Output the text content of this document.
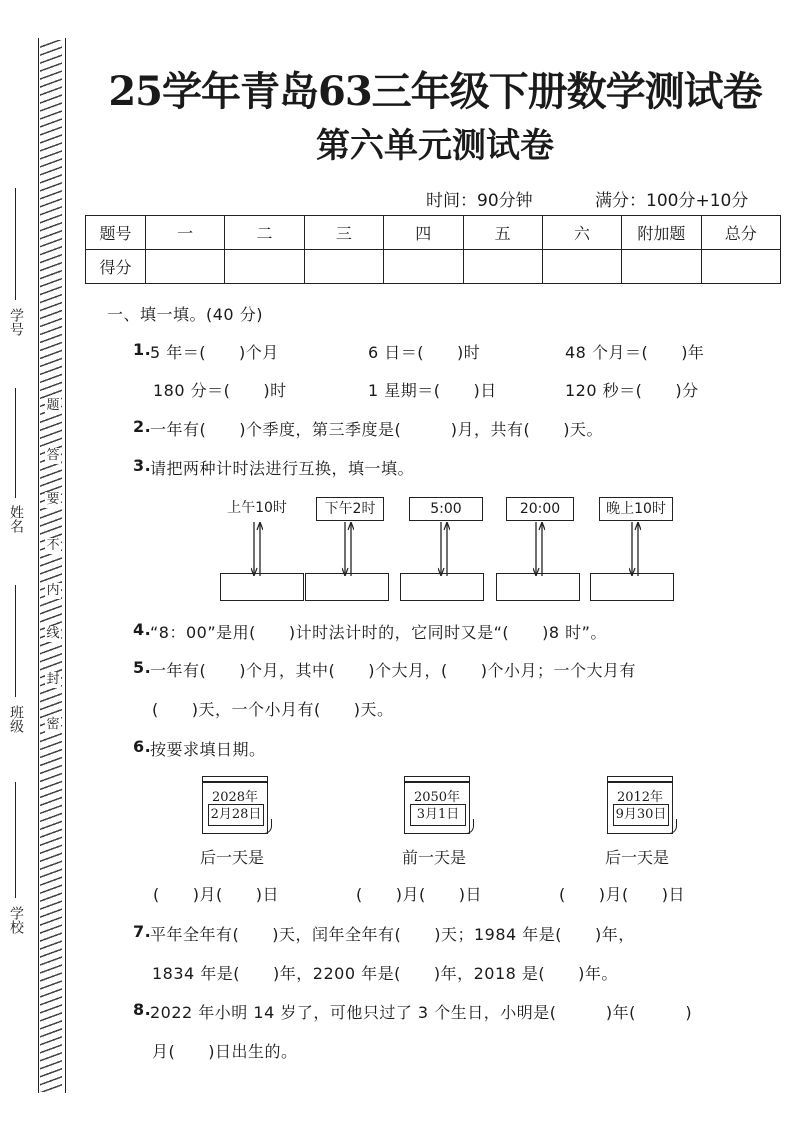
学号
姓名
班级
学校
题
答
要
不
内
线
封
密
25学年青岛63三年级下册数学测试卷
第六单元测试卷
时间：90分钟	满分：100分+10分
题号	一	二	三	四	五	六	附加题	总分
得分								
一、填一填。(40 分)
1.
5 年＝(　　)个月	6 日＝(　　)时	48 个月＝(　　)年
180 分＝(　　)时	1 星期＝(　　)日	120 秒＝(　　)分
2.
一年有(　　)个季度，第三季度是(　　　)月，共有(　　)天。
3.
请把两种计时法进行互换，填一填。
上午10时	下午2时	5:00	20:00	晚上10时
4.
“8：00”是用(　　)计时法计时的，它同时又是“(　　)8 时”。
5.
一年有(　　)个月，其中(　　)个大月，(　　)个小月；一个大月有
(　　)天，一个小月有(　　)天。
6.
按要求填日期。
2028年
2月28日
2050年
3月1日
2012年
9月30日
后一天是	前一天是	后一天是
(　　)月(　　)日	(　　)月(　　)日	(　　)月(　　)日
7.
平年全年有(　　)天，闰年全年有(　　)天；1984 年是(　　)年，
1834 年是(　　)年，2200 年是(　　)年，2018 是(　　)年。
8.
2022 年小明 14 岁了，可他只过了 3 个生日，小明是(　　　)年(　　　)
月(　　)日出生的。
